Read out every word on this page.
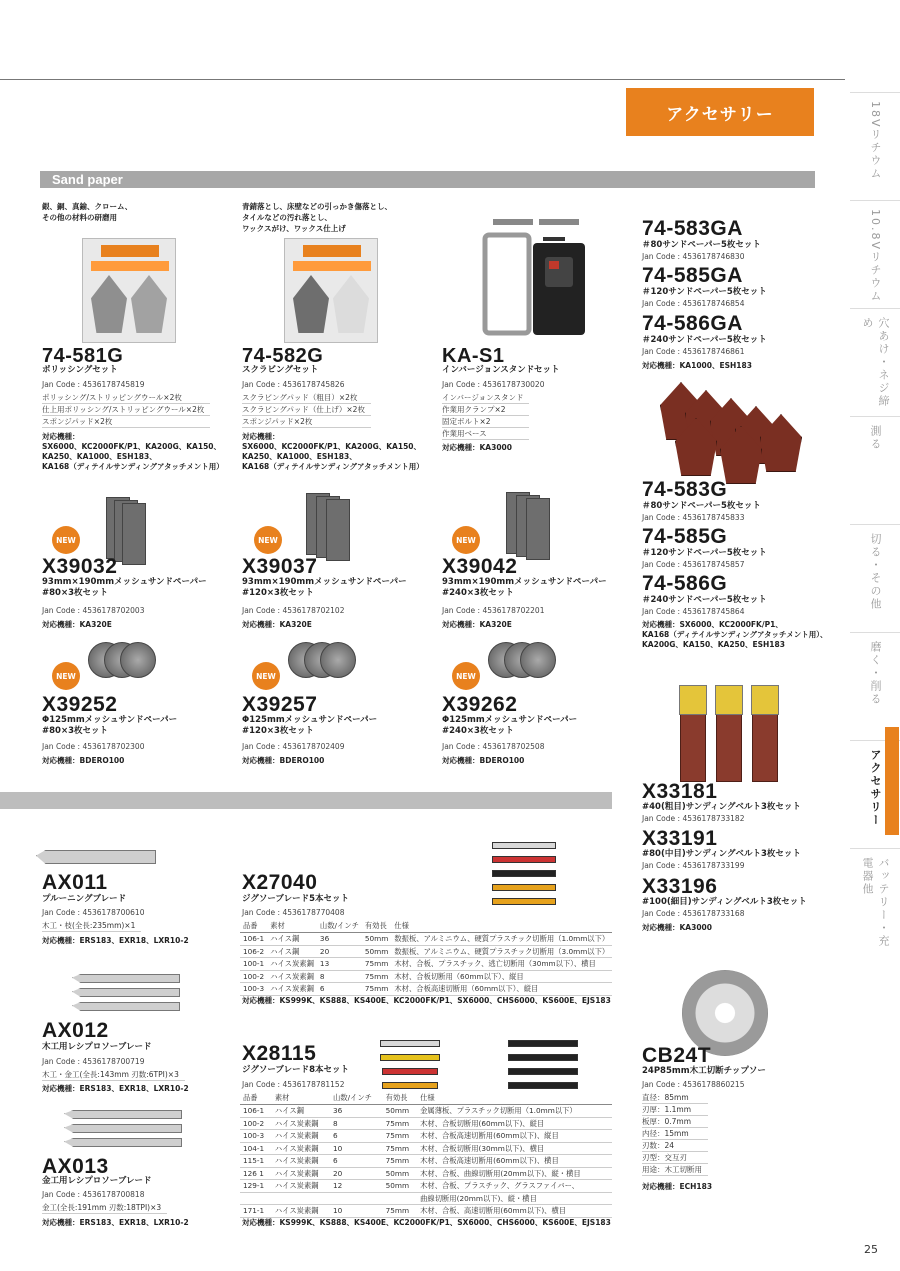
アクセサリー
Sand paper	18Vリチウム
10.8Vリチウム
穴あけ・ネジ締め
測る
切る・その他
磨く・削る
アクセサリー
バッテリー・充電器他
銀、銅、真鍮、クローム、
その他の材料の研磨用
74-581G
ポリッシングセット
Jan Code : 4536178745819
ポリッシング/ストリッピングウール×2枚
仕上用ポリッシング/ストリッピングウール×2枚
スポンジパッド×2枚
対応機種：
SX6000、KC2000FK/P1、KA200G、KA150、
KA250、KA1000、ESH183、
KA168（ディテイルサンディングアタッチメント用）
青錆落とし、床壁などの引っかき傷落とし、
タイルなどの汚れ落とし、
ワックスがけ、ワックス仕上げ
74-582G
スクラビングセット
Jan Code : 4536178745826
スクラビングパッド（粗目）×2枚
スクラビングパッド（仕上げ）×2枚
スポンジパッド×2枚
対応機種：
SX6000、KC2000FK/P1、KA200G、KA150、
KA250、KA1000、ESH183、
KA168（ディテイルサンディングアタッチメント用）
KA-S1
インバージョンスタンドセット
Jan Code : 4536178730020
インバージョンスタンド
作業用クランプ×2
固定ボルト×2
作業用ベース
対応機種：KA3000
NEW
X39032
93mm×190mmメッシュサンドペーパー
#80×3枚セット
Jan Code : 4536178702003
対応機種：KA320E
NEW
X39037
93mm×190mmメッシュサンドペーパー
#120×3枚セット
Jan Code : 4536178702102
対応機種：KA320E
NEW
X39042
93mm×190mmメッシュサンドペーパー
#240×3枚セット
Jan Code : 4536178702201
対応機種：KA320E
NEW
X39252
Φ125mmメッシュサンドペーパー
#80×3枚セット
Jan Code : 4536178702300
対応機種：BDERO100
NEW
X39257
Φ125mmメッシュサンドペーパー
#120×3枚セット
Jan Code : 4536178702409
対応機種：BDERO100
NEW
X39262
Φ125mmメッシュサンドペーパー
#240×3枚セット
Jan Code : 4536178702508
対応機種：BDERO100
74-583GA
＃80サンドペーパー5枚セット
Jan Code : 4536178746830
74-585GA
＃120サンドペーパー5枚セット
Jan Code : 4536178746854
74-586GA
＃240サンドペーパー5枚セット
Jan Code : 4536178746861
対応機種：KA1000、ESH183
74-583G
＃80サンドペーパー5枚セット
Jan Code : 4536178745833
74-585G
＃120サンドペーパー5枚セット
Jan Code : 4536178745857
74-586G
＃240サンドペーパー5枚セット
Jan Code : 4536178745864
対応機種：SX6000、KC2000FK/P1、
KA168（ディテイルサンディングアタッチメント用）、
KA200G、KA150、KA250、ESH183
X33181
#40(粗目)サンディングベルト3枚セット
Jan Code : 4536178733182
X33191
#80(中目)サンディングベルト3枚セット
Jan Code : 4536178733199
X33196
#100(細目)サンディングベルト3枚セット
Jan Code : 4536178733168
対応機種：KA3000
CB24T
24P85mm木工切断チップソー
Jan Code : 4536178860215
直径：85mm
刃厚：1.1mm
板厚：0.7mm
内径：15mm
刃数：24
刃型：交互刃
用途：木工切断用
対応機種：ECH183
AX011
プルーニングブレード
Jan Code : 4536178700610
木工・枝(全長:235mm)×1
対応機種：ERS183、EXR18、LXR10-2
AX012
木工用レシプロソーブレード
Jan Code : 4536178700719
木工・金工(全長:143mm 刃数:6TPI)×3
対応機種：ERS183、EXR18、LXR10-2
AX013
金工用レシプロソーブレード
Jan Code : 4536178700818
金工(全長:191mm 刃数:18TPI)×3
対応機種：ERS183、EXR18、LXR10-2
X27040
ジグソーブレード5本セット
Jan Code : 4536178770408
品番	素材	山数/インチ	有効長	仕様
106-1	ハイス鋼	36	50mm	数振板、アルミニウム、硬質プラスチック切断用（1.0mm以下）
106-2	ハイス鋼	20	50mm	数振板、アルミニウム、硬質プラスチック切断用（3.0mm以下）
100-1	ハイス炭素鋼	13	75mm	木材、合板、プラスチック、逃亡切断用（30mm以下）、横目
100-2	ハイス炭素鋼	8	75mm	木材、合板切断用（60mm以下）、縦目
100-3	ハイス炭素鋼	6	75mm	木材、合板高速切断用（60mm以下）、縦目
対応機種：KS999K、KS888、KS400E、KC2000FK/P1、SX6000、CHS6000、KS600E、EJS183
X28115
ジグソーブレード8本セット
Jan Code : 4536178781152
品番	素材	山数/インチ	有効長	仕様
106-1	ハイス鋼	36	50mm	金属薄板、プラスチック切断用（1.0mm以下）
100-2	ハイス炭素鋼	8	75mm	木材、合板切断用(60mm以下)、縦目
100-3	ハイス炭素鋼	6	75mm	木材、合板高速切断用(60mm以下)、縦目
104-1	ハイス炭素鋼	10	75mm	木材、合板切断用(30mm以下)、横目
115-1	ハイス炭素鋼	6	75mm	木材、合板高速切断用(60mm以下)、横目
126 1	ハイス炭素鋼	20	50mm	木材、合板、曲線切断用(20mm以下)、縦・横目
129-1	ハイス炭素鋼	12	50mm	木材、合板、プラスチック、グラスファイバー、
				曲線切断用(20mm以下)、縦・横目
171-1	ハイス炭素鋼	10	75mm	木材、合板、高速切断用(60mm以下)、横目
対応機種：KS999K、KS888、KS400E、KC2000FK/P1、SX6000、CHS6000、KS600E、EJS183
25
